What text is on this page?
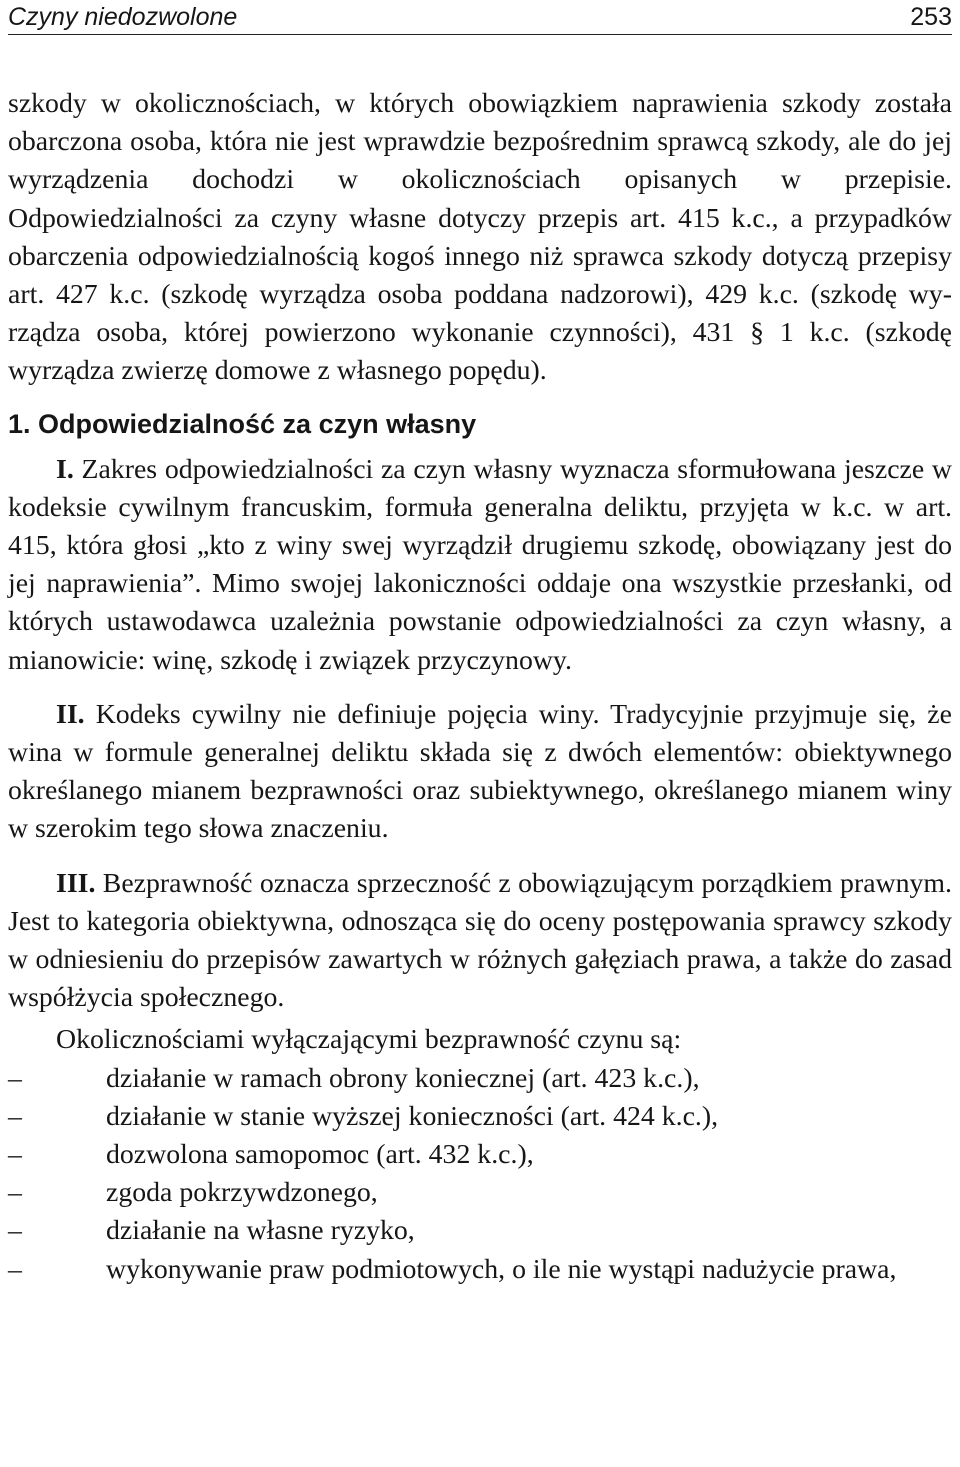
Czyny niedozwolone	253

szkody w okolicznościach, w których obowiązkiem naprawienia szkody została obarczona osoba, która nie jest wprawdzie bezpośrednim sprawcą szkody, ale do jej wyrządzenia dochodzi w okolicznościach opisanych w przepisie. Odpowiedzialności za czyny własne dotyczy przepis art. 415 k.c., a przypadków obarczenia odpowiedzialnością kogoś innego niż sprawca szkody dotyczą przepisy art. 427 k.c. (szkodę wyrządza osoba poddana nadzorowi), 429 k.c. (szkodę wyrządza osoba, której powierzono wykonanie czynności), 431 § 1 k.c. (szkodę wyrządza zwierzę domowe z własnego popędu).

1. Odpowiedzialność za czyn własny

I. Zakres odpowiedzialności za czyn własny wyznacza sformułowana jeszcze w kodeksie cywilnym francuskim, formuła generalna deliktu, przyjęta w k.c. w art. 415, która głosi „kto z winy swej wyrządził drugiemu szkodę, obowiązany jest do jej naprawienia”. Mimo swojej lakoniczności oddaje ona wszystkie przesłanki, od których ustawodawca uzależnia powstanie odpowiedzialności za czyn własny, a mianowicie: winę, szkodę i związek przyczynowy.

II. Kodeks cywilny nie definiuje pojęcia winy. Tradycyjnie przyjmuje się, że wina w formule generalnej deliktu składa się z dwóch elementów: obiektywnego określanego mianem bezprawności oraz subiektywnego, określanego mianem winy w szerokim tego słowa znaczeniu.

III. Bezprawność oznacza sprzeczność z obowiązującym porządkiem prawnym. Jest to kategoria obiektywna, odnosząca się do oceny postępowania sprawcy szkody w odniesieniu do przepisów zawartych w różnych gałęziach prawa, a także do zasad współżycia społecznego.

Okolicznościami wyłączającymi bezprawność czynu są:

–	działanie w ramach obrony koniecznej (art. 423 k.c.),
–	działanie w stanie wyższej konieczności (art. 424 k.c.),
–	dozwolona samopomoc (art. 432 k.c.),
–	zgoda pokrzywdzonego,
–	działanie na własne ryzyko,
–	wykonywanie praw podmiotowych, o ile nie wystąpi nadużycie prawa,
